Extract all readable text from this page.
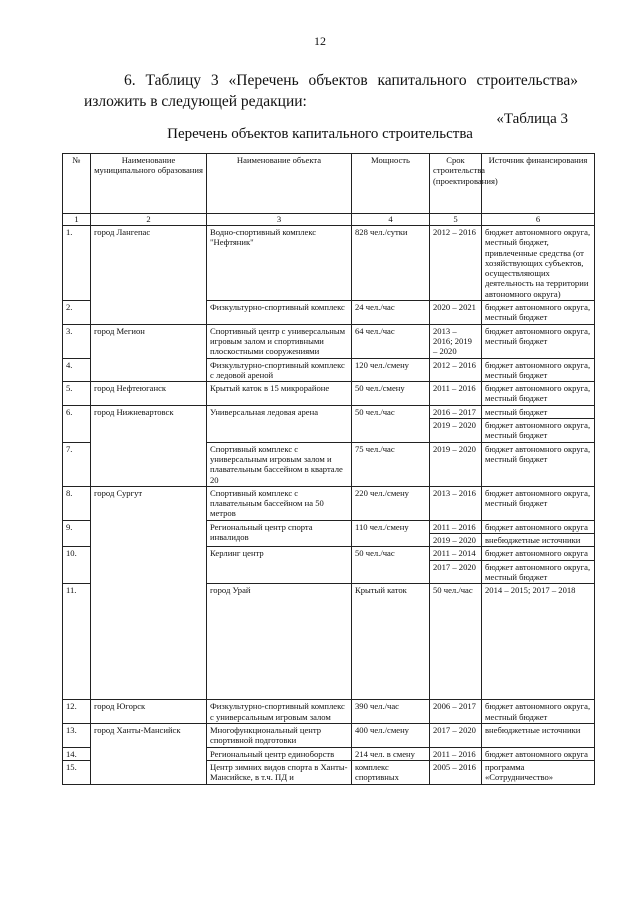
12
6. Таблицу 3 «Перечень объектов капитального строительства» изложить в следующей редакции:
«Таблица 3
Перечень объектов капитального строительства
№	Наименование муниципального образования	Наименование объекта	Мощность	Срок строительства (проектирования)	Источник финансирования	
1	2	3	4	5	6	
1.	город Лангепас	Водно-спортивный комплекс "Нефтяник"	828 чел./сутки	2012 – 2016	бюджет автономного округа, местный бюджет, привлеченные средства (от хозяйствующих субъектов, осуществляющих деятельность на территории автономного округа)	
2.		Физкультурно-спортивный комплекс	24 чел./час	2020 – 2021	бюджет автономного округа, местный бюджет	
3.	город Мегион	Спортивный центр с универсальным игровым залом и спортивными плоскостными сооружениями	64 чел./час	2013 – 2016; 2019 – 2020	бюджет автономного округа, местный бюджет	
4.		Физкультурно-спортивный комплекс с ледовой ареной	120 чел./смену	2012 – 2016	бюджет автономного округа, местный бюджет	
5.	город Нефтеюганск	Крытый каток в 15 микрорайоне	50 чел./смену	2011 – 2016	бюджет автономного округа, местный бюджет	
6.	город Нижневартовск	Универсальная ледовая арена	50 чел./час	2016 – 2017	местный бюджет	
				2019 – 2020	бюджет автономного округа, местный бюджет	
7.		Спортивный комплекс с универсальным игровым залом и плавательным бассейном в квартале 20	75 чел./час	2019 – 2020	бюджет автономного округа, местный бюджет	
8.	город Сургут	Спортивный комплекс с плавательным бассейном на 50 метров	220 чел./смену	2013 – 2016	бюджет автономного округа, местный бюджет	
9.		Региональный центр спорта инвалидов	110 чел./смену	2011 – 2016	бюджет автономного округа	
				2019 – 2020	внебюджетные источники	
10.		Керлинг центр	50 чел./час	2011 – 2014	бюджет автономного округа	
				2017 – 2020	бюджет автономного округа, местный бюджет	
11.		город Урай	Крытый каток	50 чел./час	2014 – 2015; 2017 – 2018	
12.	город Югорск	Физкультурно-спортивный комплекс с универсальным игровым залом	390 чел./час	2006 – 2017	бюджет автономного округа, местный бюджет	
13.	город Ханты-Мансийск	Многофункциональный центр спортивной подготовки	400 чел./смену	2017 – 2020	внебюджетные источники	
14.		Региональный центр единоборств	214 чел. в смену	2011 – 2016	бюджет автономного округа	
15.		Центр зимних видов спорта в Ханты-Мансийске, в т.ч. ПД и	комплекс спортивных	2005 – 2016	программа «Сотрудничество»	
